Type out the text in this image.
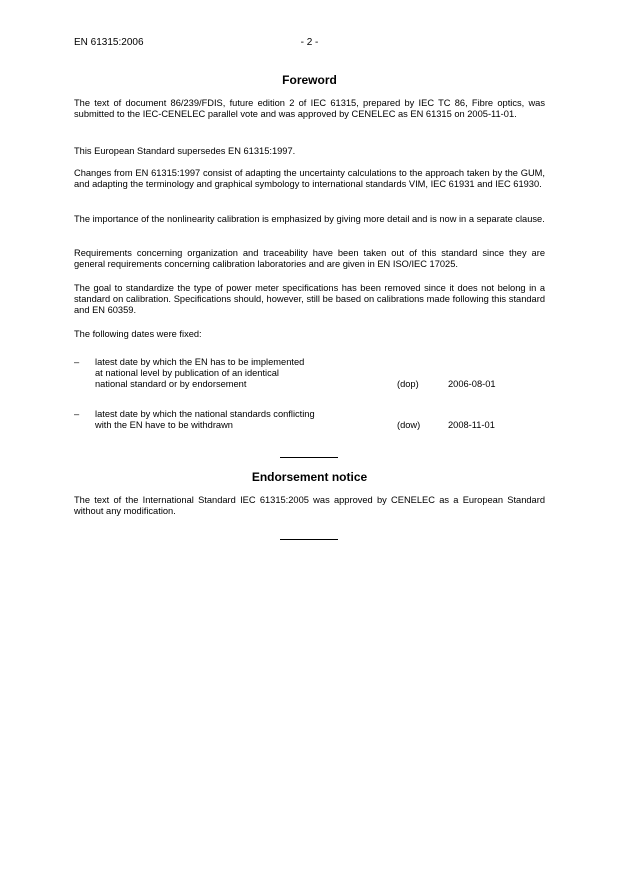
EN 61315:2006	- 2 -
Foreword

The text of document 86/239/FDIS, future edition 2 of IEC 61315, prepared by IEC TC 86, Fibre optics, was submitted to the IEC-CENELEC parallel vote and was approved by CENELEC as EN 61315 on 2005-11-01.

This European Standard supersedes EN 61315:1997.

Changes from EN 61315:1997 consist of adapting the uncertainty calculations to the approach taken by the GUM, and adapting the terminology and graphical symbology to international standards VIM, IEC 61931 and IEC 61930.

The importance of the nonlinearity calibration is emphasized by giving more detail and is now in a separate clause.

Requirements concerning organization and traceability have been taken out of this standard since they are general requirements concerning calibration laboratories and are given in EN ISO/IEC 17025.

The goal to standardize the type of power meter specifications has been removed since it does not belong in a standard on calibration. Specifications should, however, still be based on calibrations made following this standard and EN 60359.

The following dates were fixed:

– latest date by which the EN has to be implemented
at national level by publication of an identical
national standard or by endorsement	(dop)	2006-08-01
– latest date by which the national standards conflicting
with the EN have to be withdrawn	(dow)	2008-11-01
Endorsement notice

The text of the International Standard IEC 61315:2005 was approved by CENELEC as a European Standard without any modification.
